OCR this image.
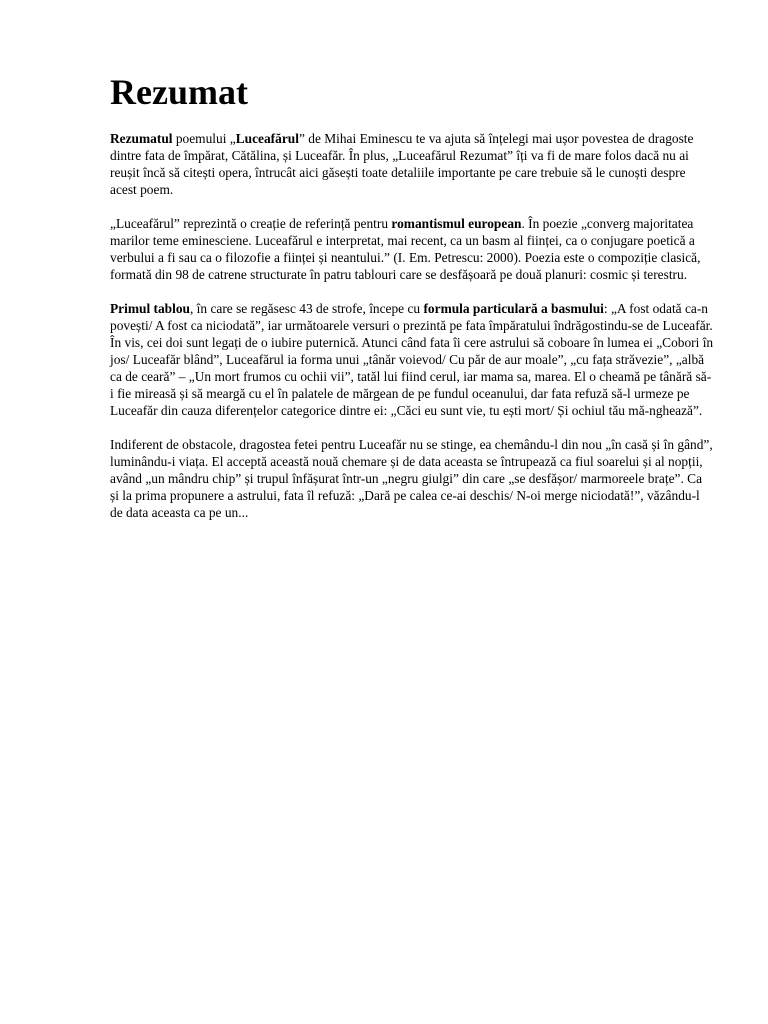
Rezumat

Rezumatul poemului „Luceafărul” de Mihai Eminescu te va ajuta să înțelegi mai ușor povestea de dragoste dintre fata de împărat, Cătălina, și Luceafăr. În plus, „Luceafărul Rezumat” îți va fi de mare folos dacă nu ai reușit încă să citești opera, întrucât aici găsești toate detaliile importante pe care trebuie să le cunoști despre acest poem.

„Luceafărul” reprezintă o creație de referință pentru romantismul european. În poezie „converg majoritatea marilor teme eminesciene. Luceafărul e interpretat, mai recent, ca un basm al ființei, ca o conjugare poetică a verbului a fi sau ca o filozofie a ființei și neantului.” (I. Em. Petrescu: 2000). Poezia este o compoziție clasică, formată din 98 de catrene structurate în patru tablouri care se desfășoară pe două planuri: cosmic și terestru.

Primul tablou, în care se regăsesc 43 de strofe, începe cu formula particulară a basmului: „A fost odată ca-n povești/ A fost ca niciodată”, iar următoarele versuri o prezintă pe fata împăratului îndrăgostindu-se de Luceafăr. În vis, cei doi sunt legați de o iubire puternică. Atunci când fata îi cere astrului să coboare în lumea ei „Cobori în jos/ Luceafăr blând”, Luceafărul ia forma unui „tânăr voievod/ Cu păr de aur moale”, „cu fața străvezie”, „albă ca de ceară” – „Un mort frumos cu ochii vii”, tatăl lui fiind cerul, iar mama sa, marea. El o cheamă pe tânără să-i fie mireasă și să meargă cu el în palatele de mărgean de pe fundul oceanului, dar fata refuză să-l urmeze pe Luceafăr din cauza diferențelor categorice dintre ei: „Căci eu sunt vie, tu ești mort/ Și ochiul tău mă-nghează”.

Indiferent de obstacole, dragostea fetei pentru Luceafăr nu se stinge, ea chemându-l din nou „în casă și în gând”, luminându-i viața. El acceptă această nouă chemare și de data aceasta se întrupează ca fiul soarelui și al nopții, având „un mândru chip” și trupul înfășurat într-un „negru giulgi” din care „se desfășor/ marmoreele brațe”. Ca și la prima propunere a astrului, fata îl refuză: „Dară pe calea ce-ai deschis/ N-oi merge niciodată!”, văzându-l de data aceasta ca pe un...
